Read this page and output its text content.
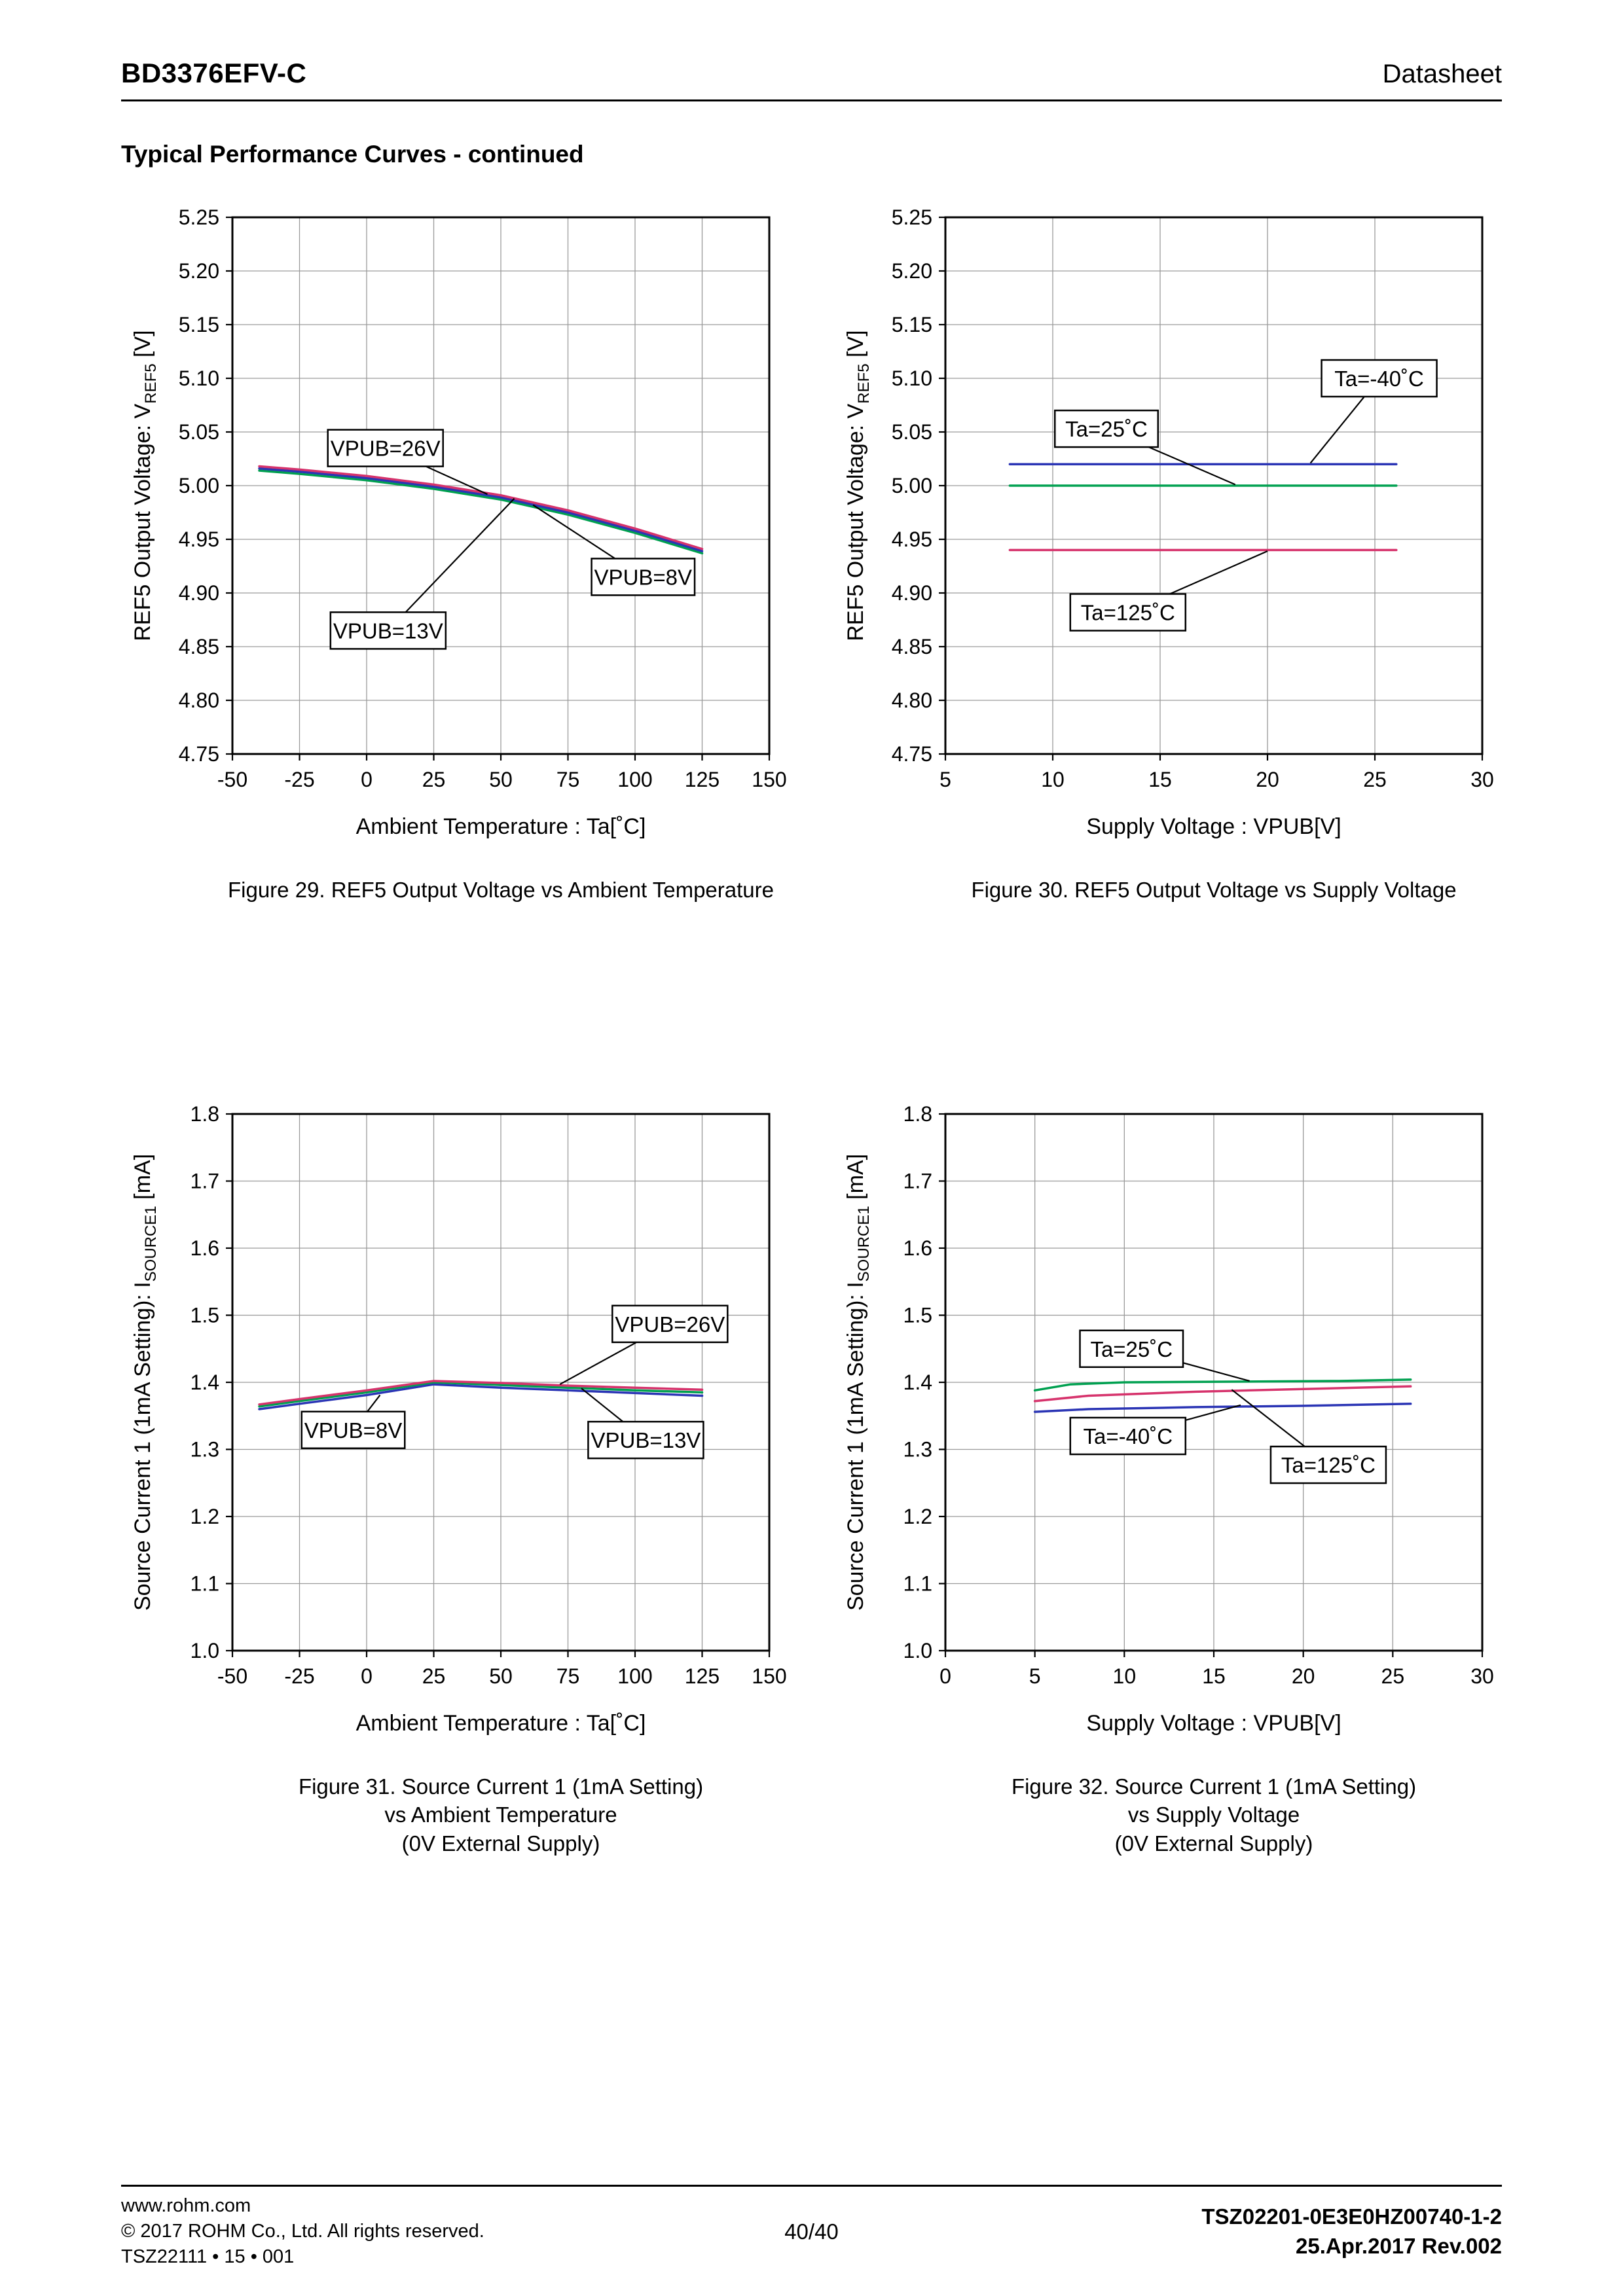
BD3376EFV-C	Datasheet
Typical Performance Curves - continued
-50 -25 0 25 50 75 100 125 150
4.75
4.80
4.85
4.90
4.95
5.00
5.05
5.10
5.15
5.20
5.25
Ambient Temperature : Ta[˚C]
REF5 Output Voltage: $V_{REF5}$ [V]
VPUB=26V
VPUB=8V
VPUB=13V
Figure 29. REF5 Output Voltage vs Ambient Temperature
5	10	15	20	25	30
4.75
4.80
4.85
4.90
4.95
5.00
5.05
5.10
5.15
5.20
5.25
Supply Voltage : VPUB[V]
REF5 Output Voltage: $V_{REF5}$ [V]
Ta=-40˚C
Ta=25˚C
Ta=125˚C
Figure 30. REF5 Output Voltage vs Supply Voltage
-50 -25 0 25 50 75 100 125 150
1.0
1.1
1.2
1.3
1.4
1.5
1.6
1.7
1.8
Ambient Temperature : Ta[˚C]
Source Current 1 (1mA Setting): $I_{SOURCE1}$ [mA]
VPUB=26V
VPUB=8V	VPUB=13V
Figure 31. Source Current 1 (1mA Setting)
vs Ambient Temperature
(0V External Supply)
0	5	10	15	20	25	30
1.0
1.1
1.2
1.3
1.4
1.5
1.6
1.7
1.8
Supply Voltage : VPUB[V]
Source Current 1 (1mA Setting): $I_{SOURCE1}$ [mA]
Ta=25˚C
Ta=-40˚C
Ta=125˚C
Figure 32. Source Current 1 (1mA Setting)
vs Supply Voltage
(0V External Supply)
www.rohm.com
© 2017 ROHM Co., Ltd. All rights reserved.
TSZ22111 • 15 • 001
40/40
TSZ02201-0E3E0HZ00740-1-2
25.Apr.2017 Rev.002
